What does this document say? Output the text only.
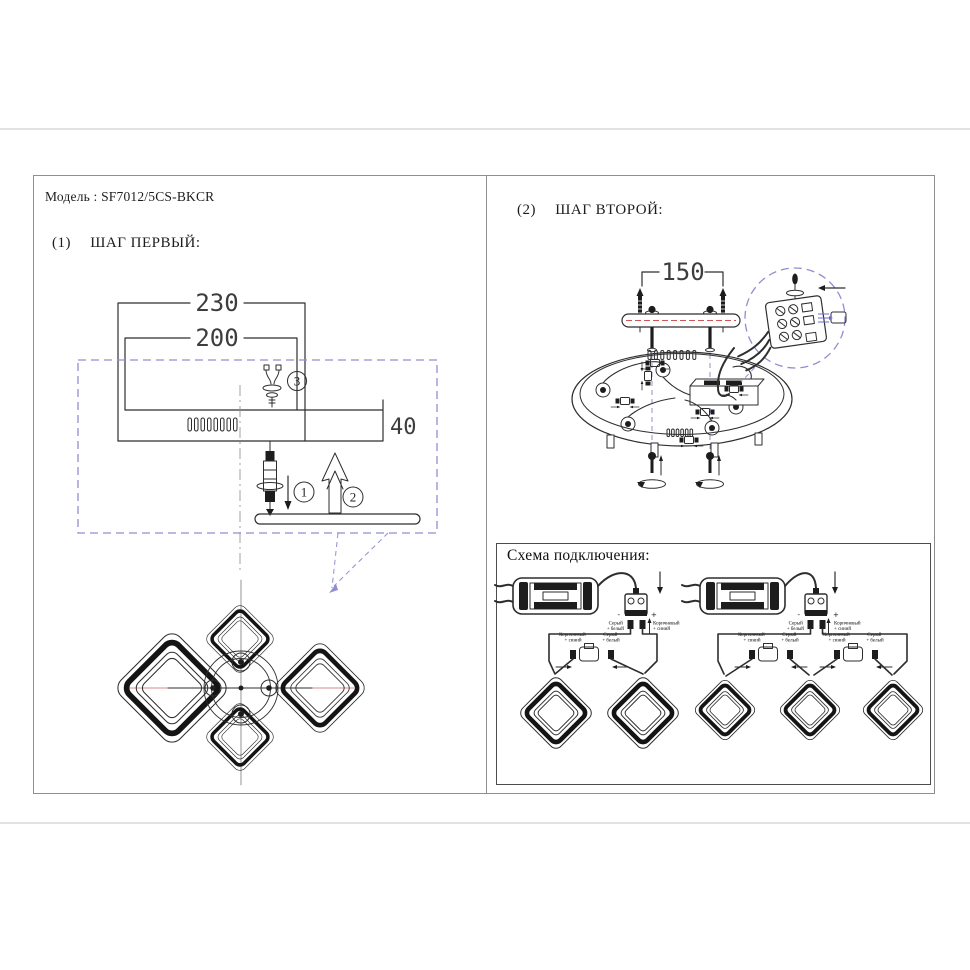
Модель : SF7012/5CS-BKCR
(1) ШАГ ПЕРВЫЙ:
(2) ШАГ ВТОРОЙ:
230
200
40
3
1	2
150
Схема подключения:
-	+
Серый + белый
Коричневый + синий
Коричневый + синий
Серый + белый
-	+
Серый + белый
Коричневый + синий
Коричневый + синий
Серый + белый
Коричневый + синий
Серый + белый
